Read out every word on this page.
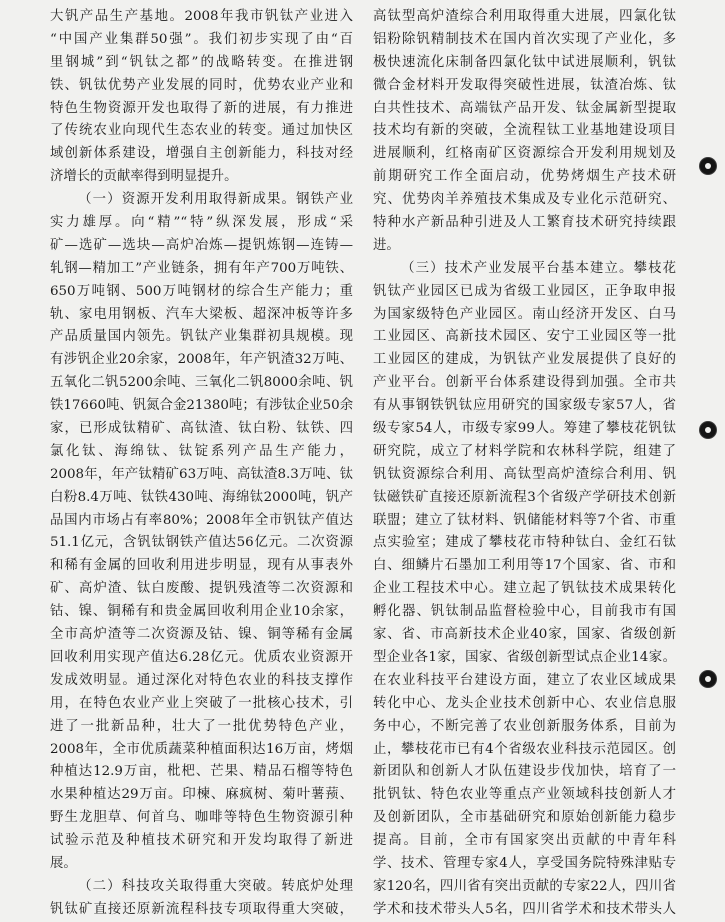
大钒产品生产基地。2008年我市钒钛产业进入
“中国产业集群50强”。我们初步实现了由“百
里钢城”到“钒钛之都”的战略转变。在推进钢
铁、钒钛优势产业发展的同时，优势农业产业和
特色生物资源开发也取得了新的进展，有力推进
了传统农业向现代生态农业的转变。通过加快区
域创新体系建设，增强自主创新能力，科技对经
济增长的贡献率得到明显提升。
（一）资源开发利用取得新成果。钢铁产业
实力雄厚。向“精”“特”纵深发展，形成“采
矿—选矿—选块—高炉冶炼—提钒炼钢—连铸—
轧钢—精加工”产业链条，拥有年产700万吨铁、
650万吨钢、500万吨钢材的综合生产能力；重
轨、家电用钢板、汽车大梁板、超深冲板等许多
产品质量国内领先。钒钛产业集群初具规模。现
有涉钒企业20余家，2008年，年产钒渣32万吨、
五氧化二钒5200余吨、三氧化二钒8000余吨、钒
铁17660吨、钒氮合金21380吨；有涉钛企业50余
家，已形成钛精矿、高钛渣、钛白粉、钛铁、四
氯化钛、海绵钛、钛锭系列产品生产能力，
2008年，年产钛精矿63万吨、高钛渣8.3万吨、钛
白粉8.4万吨、钛铁430吨、海绵钛2000吨，钒产
品国内市场占有率80%；2008年全市钒钛产值达
51.1亿元，含钒钛钢铁产值达56亿元。二次资源
和稀有金属的回收利用进步明显，现有从事表外
矿、高炉渣、钛白废酸、提钒残渣等二次资源和
钴、镍、铜稀有和贵金属回收利用企业10余家，
全市高炉渣等二次资源及钴、镍、铜等稀有金属
回收利用实现产值达6.28亿元。优质农业资源开
发成效明显。通过深化对特色农业的科技支撑作
用，在特色农业产业上突破了一批核心技术，引
进了一批新品种，壮大了一批优势特色产业，
2008年，全市优质蔬菜种植面积达16万亩，烤烟
种植达12.9万亩，枇杷、芒果、精品石榴等特色
水果种植达29万亩。印楝、麻疯树、菊叶薯蓣、
野生龙胆草、何首乌、咖啡等特色生物资源引种
试验示范及种植技术研究和开发均取得了新进
展。
（二）科技攻关取得重大突破。转底炉处理
钒钛矿直接还原新流程科技专项取得重大突破，
高钛型高炉渣综合利用取得重大进展，四氯化钛
铝粉除钒精制技术在国内首次实现了产业化，多
极快速流化床制备四氯化钛中试进展顺利，钒钛
微合金材料开发取得突破性进展，钛渣冶炼、钛
白共性技术、高端钛产品开发、钛金属新型提取
技术均有新的突破，全流程钛工业基地建设项目
进展顺利，红格南矿区资源综合开发利用规划及
前期研究工作全面启动，优势烤烟生产技术研
究、优势肉羊养殖技术集成及专业化示范研究、
特种水产新品种引进及人工繁育技术研究持续跟
进。
（三）技术产业发展平台基本建立。攀枝花
钒钛产业园区已成为省级工业园区，正争取申报
为国家级特色产业园区。南山经济开发区、白马
工业园区、高新技术园区、安宁工业园区等一批
工业园区的建成，为钒钛产业发展提供了良好的
产业平台。创新平台体系建设得到加强。全市共
有从事钢铁钒钛应用研究的国家级专家57人，省
级专家54人，市级专家99人。筹建了攀枝花钒钛
研究院，成立了材料学院和农林科学院，组建了
钒钛资源综合利用、高钛型高炉渣综合利用、钒
钛磁铁矿直接还原新流程3个省级产学研技术创新
联盟；建立了钛材料、钒储能材料等7个省、市重
点实验室；建成了攀枝花市特种钛白、金红石钛
白、细鳞片石墨加工利用等17个国家、省、市和
企业工程技术中心。建立起了钒钛技术成果转化
孵化器、钒钛制品监督检验中心，目前我市有国
家、省、市高新技术企业40家，国家、省级创新
型企业各1家，国家、省级创新型试点企业14家。
在农业科技平台建设方面，建立了农业区域成果
转化中心、龙头企业技术创新中心、农业信息服
务中心，不断完善了农业创新服务体系，目前为
止，攀枝花市已有4个省级农业科技示范园区。创
新团队和创新人才队伍建设步伐加快，培育了一
批钒钛、特色农业等重点产业领域科技创新人才
及创新团队，全市基础研究和原始创新能力稳步
提高。目前，全市有国家突出贡献的中青年科
学、技术、管理专家4人，享受国务院特殊津贴专
家120名，四川省有突出贡献的专家22人，四川省
学术和技术带头人5名，四川省学术和技术带头人
